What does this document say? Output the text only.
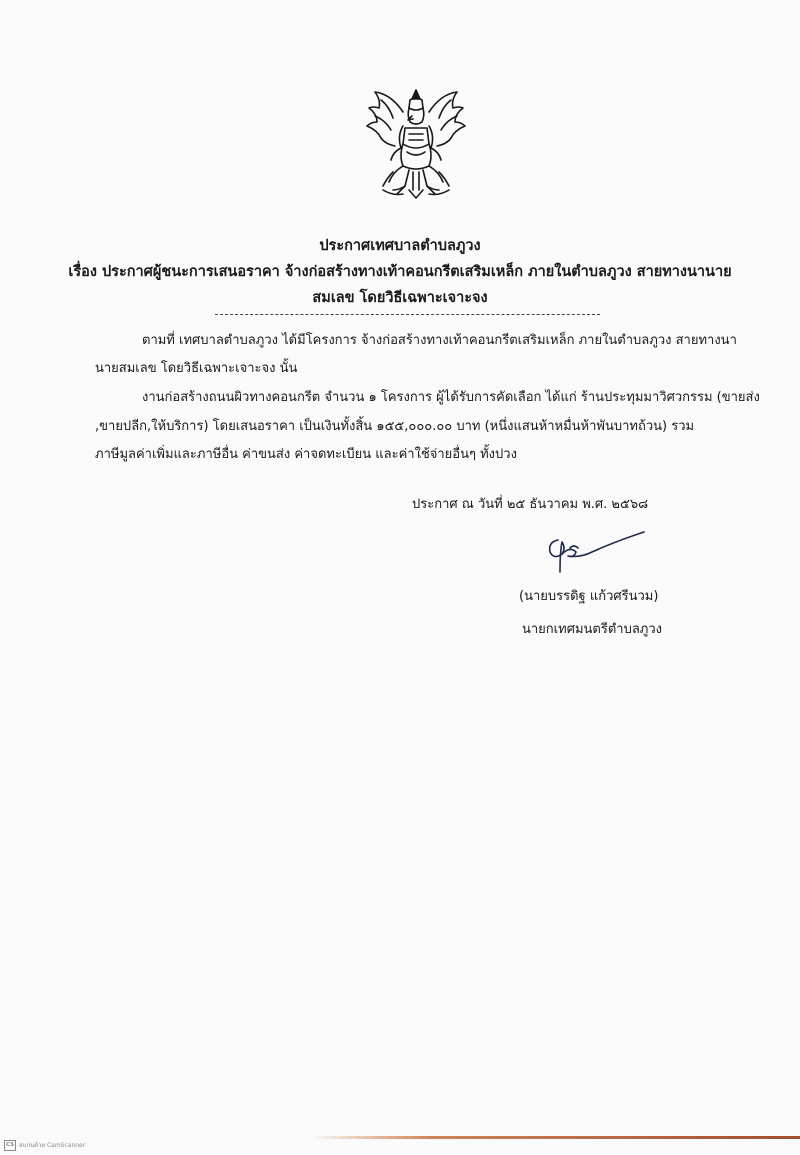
ประกาศเทศบาลตำบลภูวง
เรื่อง ประกาศผู้ชนะการเสนอราคา จ้างก่อสร้างทางเท้าคอนกรีตเสริมเหล็ก ภายในตำบลภูวง สายทางนานาย
สมเลข โดยวิธีเฉพาะเจาะจง
ตามที่ เทศบาลตำบลภูวง ได้มีโครงการ จ้างก่อสร้างทางเท้าคอนกรีตเสริมเหล็ก ภายในตำบลภูวง สายทางนา
นายสมเลข โดยวิธีเฉพาะเจาะจง นั้น
งานก่อสร้างถนนผิวทางคอนกรีต จำนวน ๑ โครงการ ผู้ได้รับการคัดเลือก ได้แก่ ร้านประทุมมาวิศวกรรม (ขายส่ง
,ขายปลีก,ให้บริการ) โดยเสนอราคา เป็นเงินทั้งสิ้น ๑๕๕,๐๐๐.๐๐ บาท (หนึ่งแสนห้าหมื่นห้าพันบาทถ้วน) รวม
ภาษีมูลค่าเพิ่มและภาษีอื่น ค่าขนส่ง ค่าจดทะเบียน และค่าใช้จ่ายอื่นๆ ทั้งปวง
ประกาศ ณ วันที่ ๒๕ ธันวาคม พ.ศ. ๒๕๖๘
(นายบรรดิฐ แก้วศรีนวม)
นายกเทศมนตรีตำบลภูวง
CS สแกนด้วย CamScanner
